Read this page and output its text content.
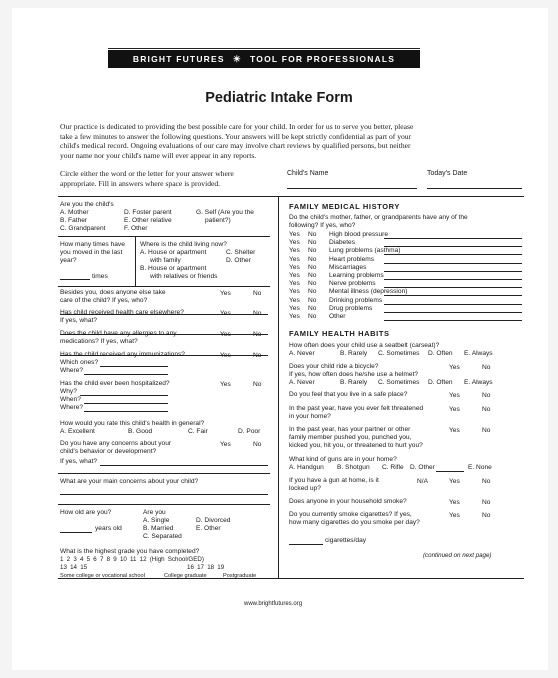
BRIGHT FUTURES ☀ TOOL FOR PROFESSIONALS
Pediatric Intake Form
Our practice is dedicated to providing the best possible care for your child. In order for us to serve you better, please
take a few minutes to answer the following questions. Your answers will be kept strictly confidential as part of your
child's medical record. Ongoing evaluations of our care may involve chart reviews by qualified persons, but neither
your name nor your child's name will ever appear in any reports.
Circle either the word or the letter for your answer where
appropriate. Fill in answers where space is provided.
Child's Name	Today's Date
Are you the child's
A. Mother
B. Father
C. Grandparent
D. Foster parent
E. Other relative
F. Other
G. Self (Are you the
patient?)
How many times have
you moved in the last
year?
times
Where is the child living now?
A. House or apartment
with family
B. House or apartment
with relatives or friends
C. Shelter
D. Other
Besides you, does anyone else take
care of the child? If yes, who?
Yes	No
Has child received health care elsewhere?
If yes, what?
Yes	No
Does the child have any allergies to any
medications? If yes, what?
Yes	No
Has the child received any immunizations?
Which ones?
Where?
Yes	No
Has the child ever been hospitalized?
Why?
When?
Where?
Yes	No
How would you rate this child's health in general?
A. Excellent	B. Good	C. Fair	D. Poor
Do you have any concerns about your
child's behavior or development?
If yes, what?
Yes	No
What are your main concerns about your child?
How old are you?
years old
Are you
A. Single
B. Married
C. Separated
D. Divorced
E. Other
What is the highest grade you have completed?
1 2 3 4 5 6 7 8 9 10 11 12 (High School/GED)
13 14 15	16 17 18 19
Some college or vocational school	College graduate	Postgraduate
FAMILY MEDICAL HISTORY
Do the child's mother, father, or grandparents have any of the
following? If yes, who?
Yes No High blood pressure
Yes No Diabetes
Yes No Lung problems (asthma)
Yes No Heart problems
Yes No Miscarriages
Yes No Learning problems
Yes No Nerve problems
Yes No Mental illness (depression)
Yes No Drinking problems
Yes No Drug problems
Yes No Other
FAMILY HEALTH HABITS
How often does your child use a seatbelt (carseat)?
A. Never	B. Rarely C. Sometimes D. Often E. Always
Does your child ride a bicycle?
If yes, how often does he/she use a helmet?
Yes	No
A. Never	B. Rarely C. Sometimes D. Often E. Always
Do you feel that you live in a safe place?	Yes	No
In the past year, have you ever felt threatened
in your home?
Yes	No
In the past year, has your partner or other
family member pushed you, punched you,
kicked you, hit you, or threatened to hurt you?
Yes	No
What kind of guns are in your home?
A. Handgun B. Shotgun C. Rifle D. Other	E. None
If you have a gun at home, is it
locked up?
N/A	Yes	No
Does anyone in your household smoke?	Yes	No
Do you currently smoke cigarettes? If yes,
how many cigarettes do you smoke per day?
Yes	No
cigarettes/day
(continued on next page)
www.brightfutures.org
